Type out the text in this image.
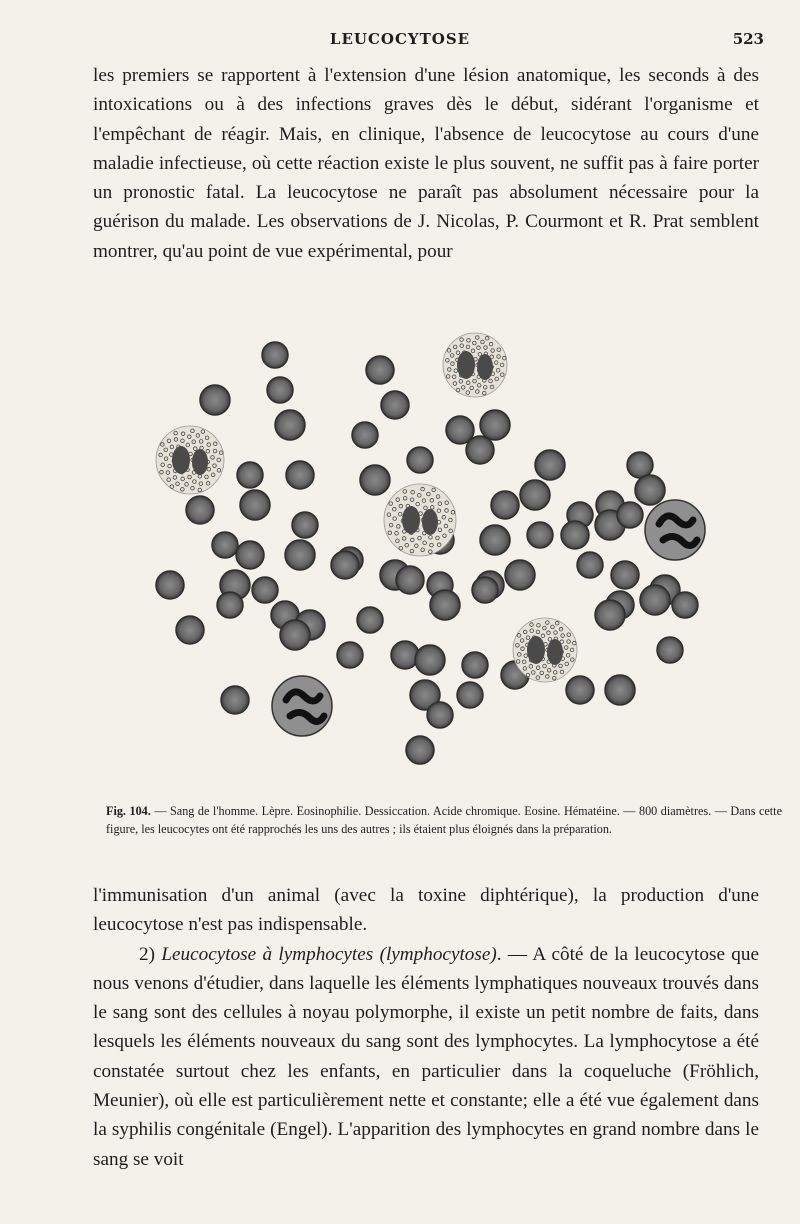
LEUCOCYTOSE	523
les premiers se rapportent à l'extension d'une lésion anatomique, les seconds à des intoxications ou à des infections graves dès le début, sidérant l'organisme et l'empêchant de réagir. Mais, en clinique, l'absence de leucocytose au cours d'une maladie infectieuse, où cette réaction existe le plus souvent, ne suffit pas à faire porter un pronostic fatal. La leucocytose ne paraît pas absolument nécessaire pour la guérison du malade. Les observations de J. Nicolas, P. Courmont et R. Prat semblent montrer, qu'au point de vue expérimental, pour
Fig. 104. — Sang de l'homme. Lèpre. Eosinophilie. Dessiccation. Acide chromique. Eosine. Hématéine. — 800 diamètres. — Dans cette figure, les leucocytes ont été rapprochés les uns des autres ; ils étaient plus éloignés dans la préparation.
l'immunisation d'un animal (avec la toxine diphtérique), la production d'une leucocytose n'est pas indispensable.
2) Leucocytose à lymphocytes (lymphocytose). — A côté de la leucocytose que nous venons d'étudier, dans laquelle les éléments lymphatiques nouveaux trouvés dans le sang sont des cellules à noyau polymorphe, il existe un petit nombre de faits, dans lesquels les éléments nouveaux du sang sont des lymphocytes. La lymphocytose a été constatée surtout chez les enfants, en particulier dans la coqueluche (Fröhlich, Meunier), où elle est particulièrement nette et constante; elle a été vue également dans la syphilis congénitale (Engel). L'apparition des lymphocytes en grand nombre dans le sang se voit
